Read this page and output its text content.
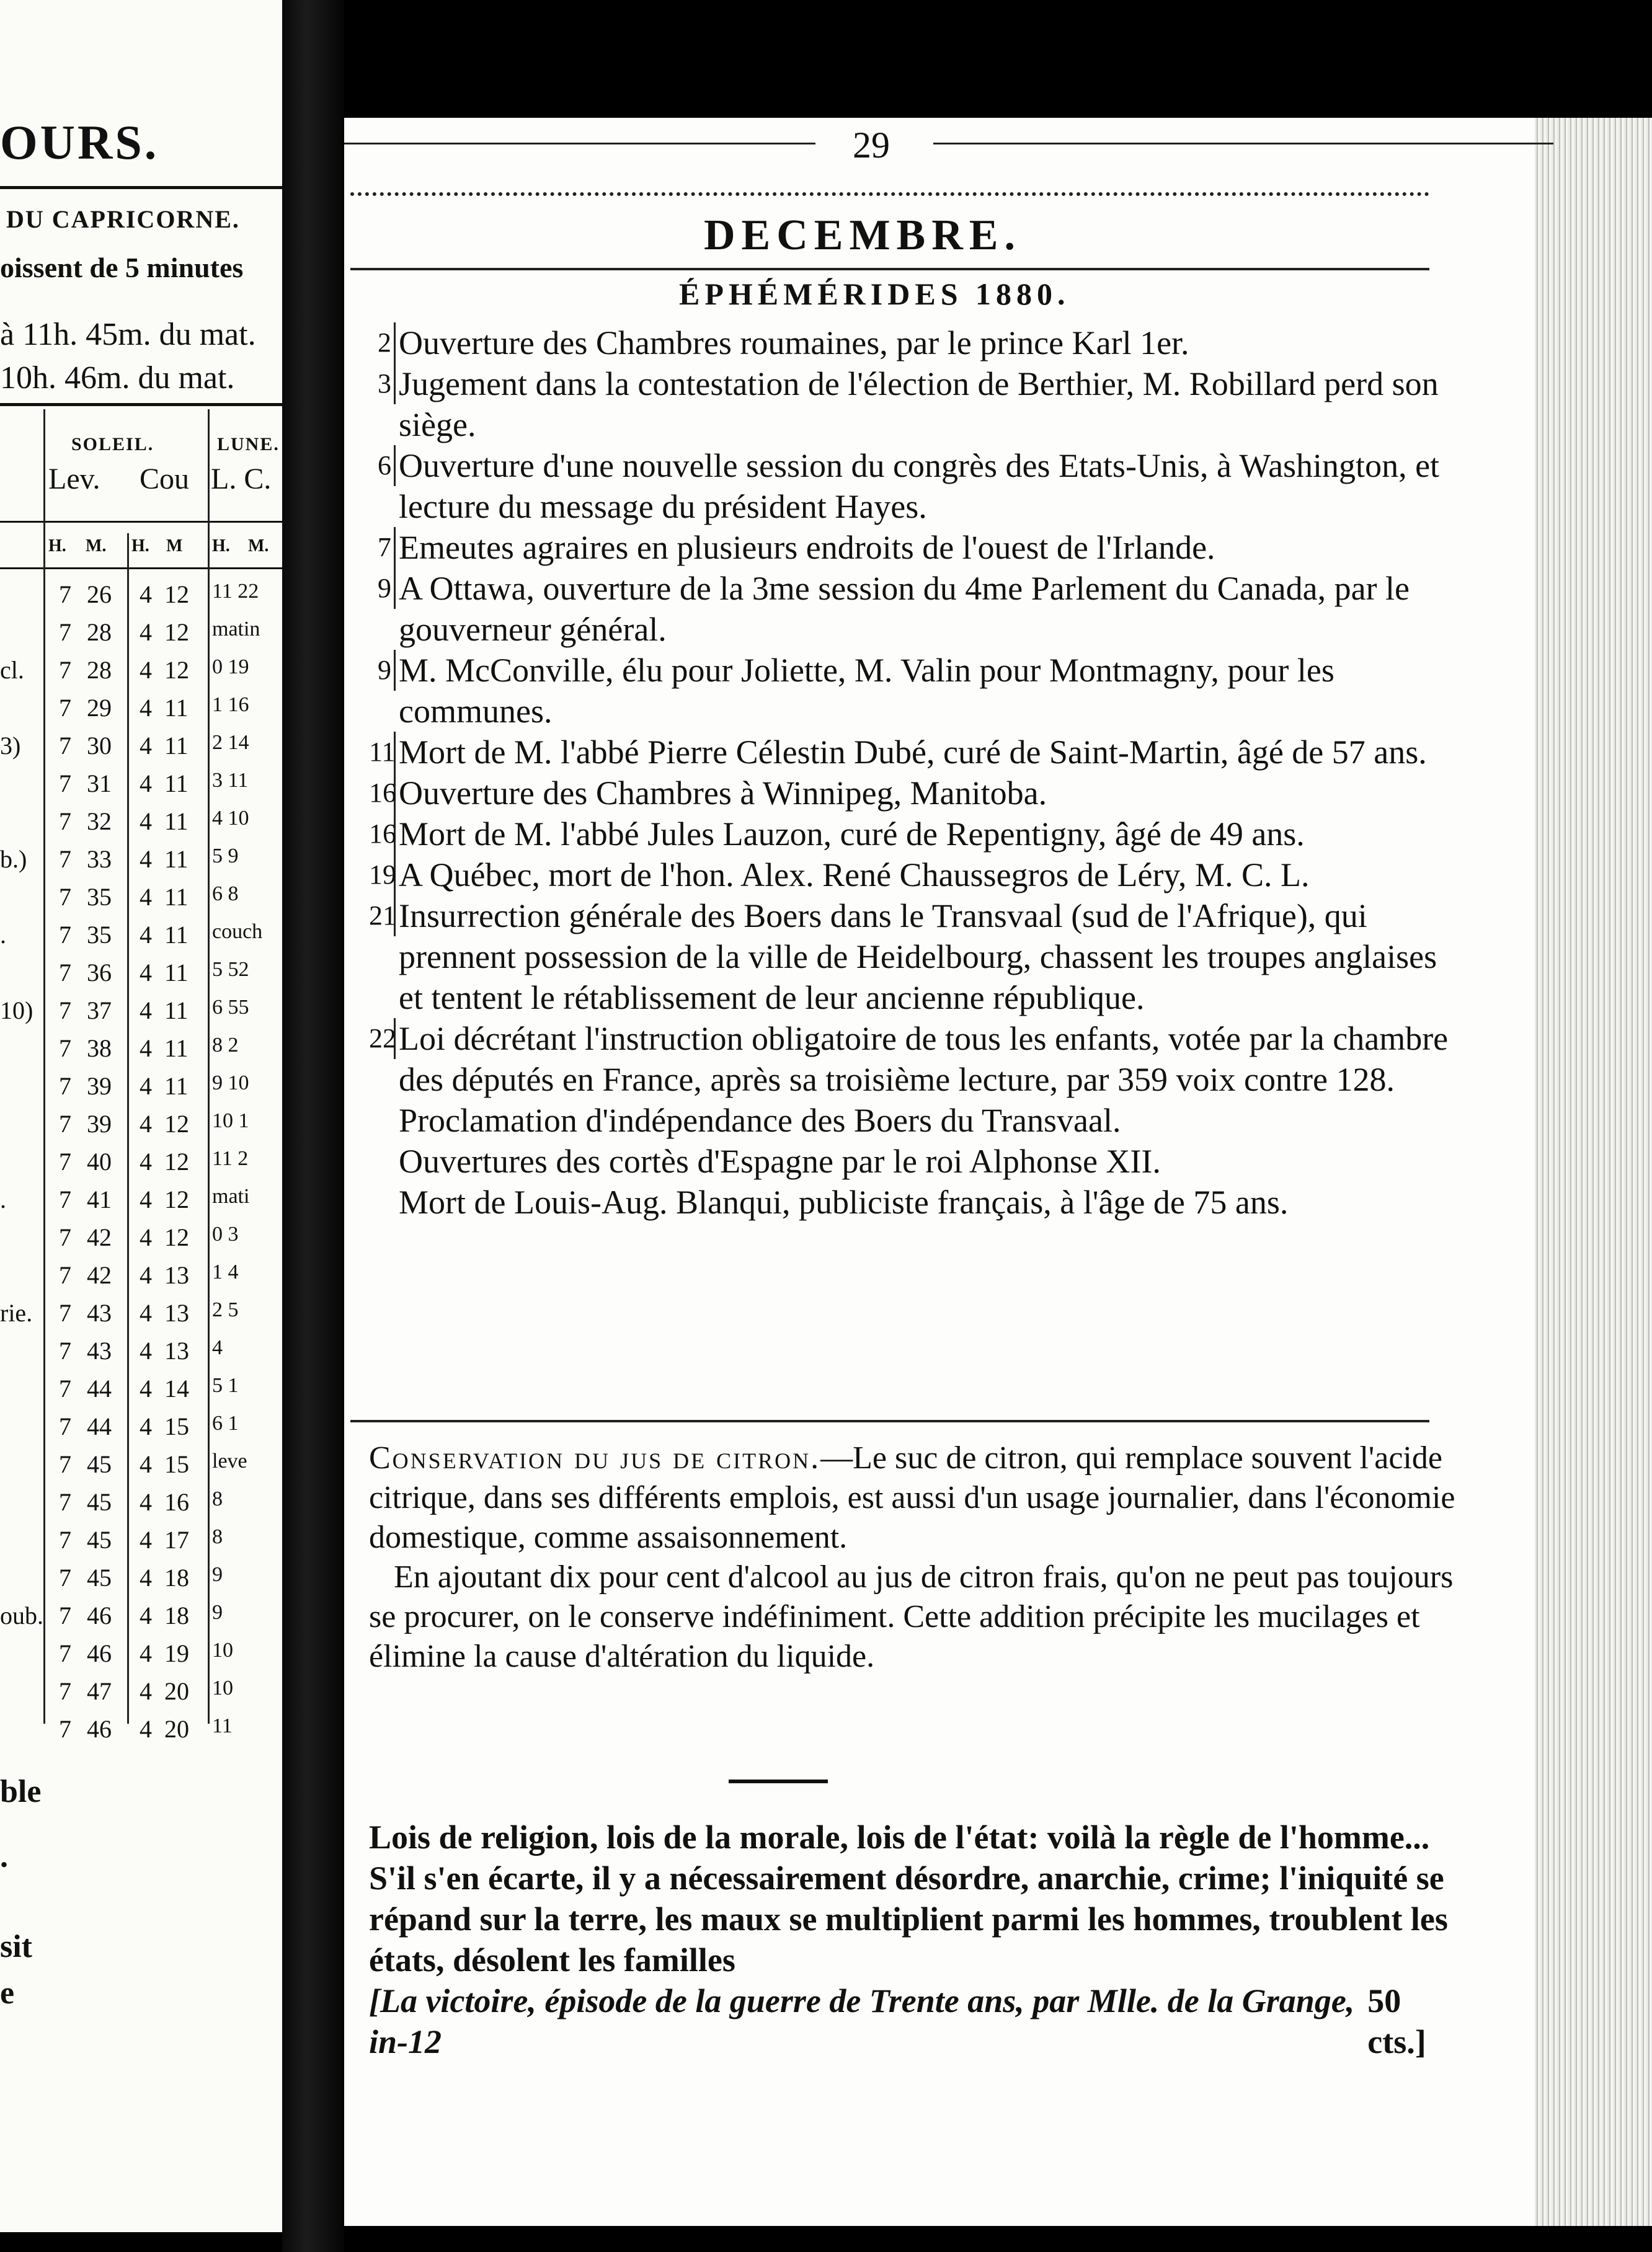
OURS.
DU CAPRICORNE.
oissent de 5 minutes
à 11h. 45m. du mat.
10h. 46m. du mat.
SOLEIL.	LUNE.
Lev. Cou L. C.
H. M. H. M H. M.
7 26 4 12 11 22
7 28 4 12 matin
cl. 7 28 4 12 0 19
7 29 4 11 1 16
3) 7 30 4 11 2 14
7 31 4 11 3 11
7 32 4 11 4 10
b.) 7 33 4 11 5 9
7 35 4 11 6 8
. 7 35 4 11 couch
7 36 4 11 5 52
10) 7 37 4 11 6 55
7 38 4 11 8 2
7 39 4 11 9 10
7 39 4 12 10 1
7 40 4 12 11 2
. 7 41 4 12 mati
7 42 4 12 0 3
7 42 4 13 1 4
rie. 7 43 4 13 2 5
7 43 4 13 4
7 44 4 14 5 1
7 44 4 15 6 1
7 45 4 15 leve
7 45 4 16 8
7 45 4 17 8
7 45 4 18 9
oub. 7 46 4 18 9
7 46 4 19 10
7 47 4 20 10
7 46 4 20 11
ble
.
sit
e
29
DECEMBRE.
ÉPHÉMÉRIDES 1880.
2 Ouverture des Chambres roumaines, par le prince Karl 1er.
3 Jugement dans la contestation de l'élection de Berthier, M. Robillard perd son siège.
6 Ouverture d'une nouvelle session du congrès des Etats-Unis, à Washington, et lecture du message du président Hayes.
7 Emeutes agraires en plusieurs endroits de l'ouest de l'Irlande.
9 A Ottawa, ouverture de la 3me session du 4me Parlement du Canada, par le gouverneur général.
9 M. McConville, élu pour Joliette, M. Valin pour Montmagny, pour les communes.
11 Mort de M. l'abbé Pierre Célestin Dubé, curé de Saint-Martin, âgé de 57 ans.
16 Ouverture des Chambres à Winnipeg, Manitoba.
16 Mort de M. l'abbé Jules Lauzon, curé de Repentigny, âgé de 49 ans.
19 A Québec, mort de l'hon. Alex. René Chaussegros de Léry, M. C. L.
21 Insurrection générale des Boers dans le Transvaal (sud de l'Afrique), qui prennent possession de la ville de Heidelbourg, chassent les troupes anglaises et tentent le rétablissement de leur ancienne république.
22 Loi décrétant l'instruction obligatoire de tous les enfants, votée par la chambre des députés en France, après sa troisième lecture, par 359 voix contre 128.
Proclamation d'indépendance des Boers du Transvaal.
Ouvertures des cortès d'Espagne par le roi Alphonse XII.
Mort de Louis-Aug. Blanqui, publiciste français, à l'âge de 75 ans.
Conservation du jus de citron.—Le suc de citron, qui remplace souvent l'acide citrique, dans ses différents emplois, est aussi d'un usage journalier, dans l'économie domestique, comme assaisonnement.
En ajoutant dix pour cent d'alcool au jus de citron frais, qu'on ne peut pas toujours se procurer, on le conserve indéfiniment. Cette addition précipite les mucilages et élimine la cause d'altération du liquide.
Lois de religion, lois de la morale, lois de l'état: voilà la règle de l'homme... S'il s'en écarte, il y a nécessairement désordre, anarchie, crime; l'iniquité se répand sur la terre, les maux se multiplient parmi les hommes, troublent les états, désolent les familles
[La victoire, épisode de la guerre de Trente ans, par Mlle. de la Grange, in-12
50 cts.]
